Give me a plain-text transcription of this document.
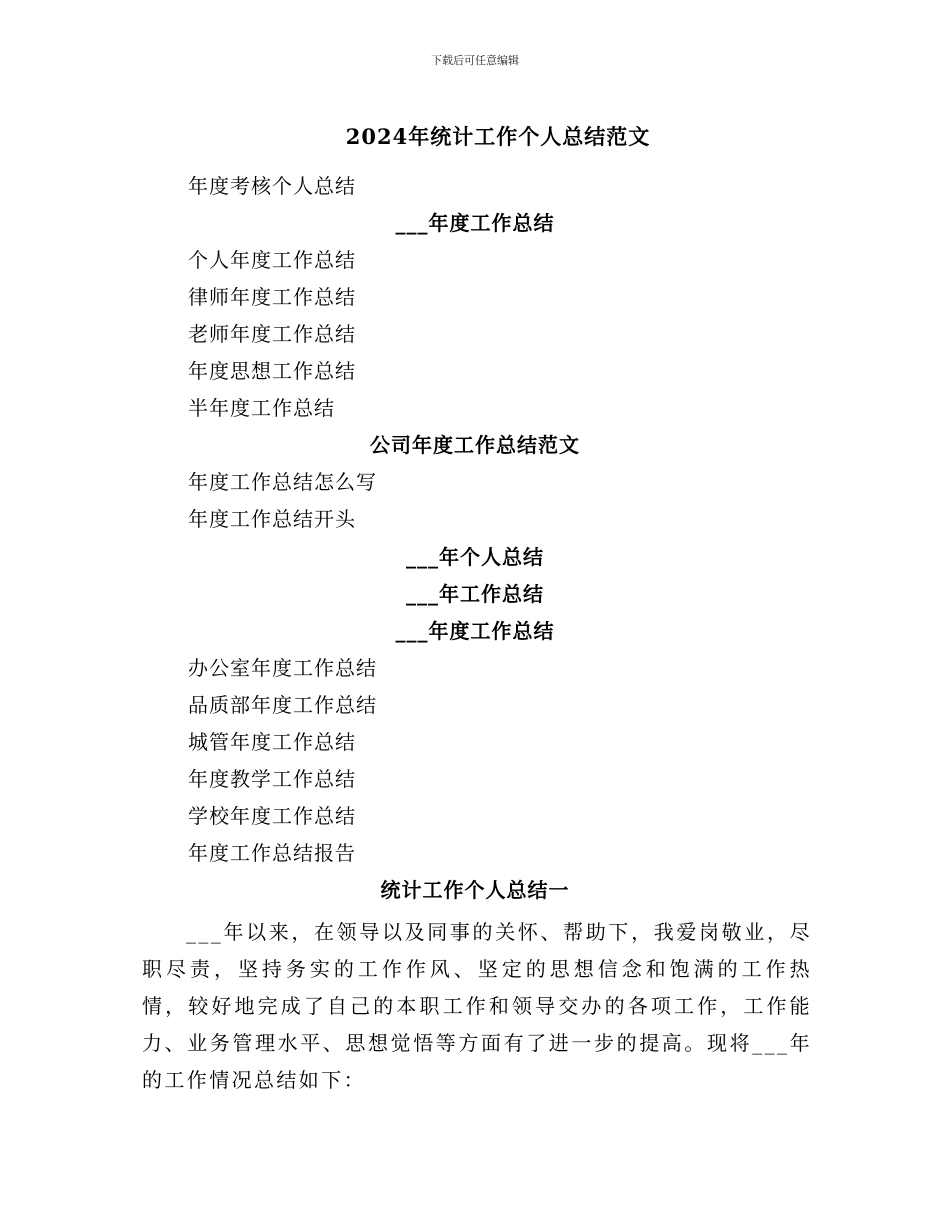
下载后可任意编辑
2024年统计工作个人总结范文
年度考核个人总结
___年度工作总结
个人年度工作总结
律师年度工作总结
老师年度工作总结
年度思想工作总结
半年度工作总结
公司年度工作总结范文
年度工作总结怎么写
年度工作总结开头
___年个人总结
___年工作总结
___年度工作总结
办公室年度工作总结
品质部年度工作总结
城管年度工作总结
年度教学工作总结
学校年度工作总结
年度工作总结报告
统计工作个人总结一
___年以来，在领导以及同事的关怀、帮助下，我爱岗敬业，尽职尽责，坚持务实的工作作风、坚定的思想信念和饱满的工作热情，较好地完成了自己的本职工作和领导交办的各项工作，工作能力、业务管理水平、思想觉悟等方面有了进一步的提高。现将___年的工作情况总结如下：
